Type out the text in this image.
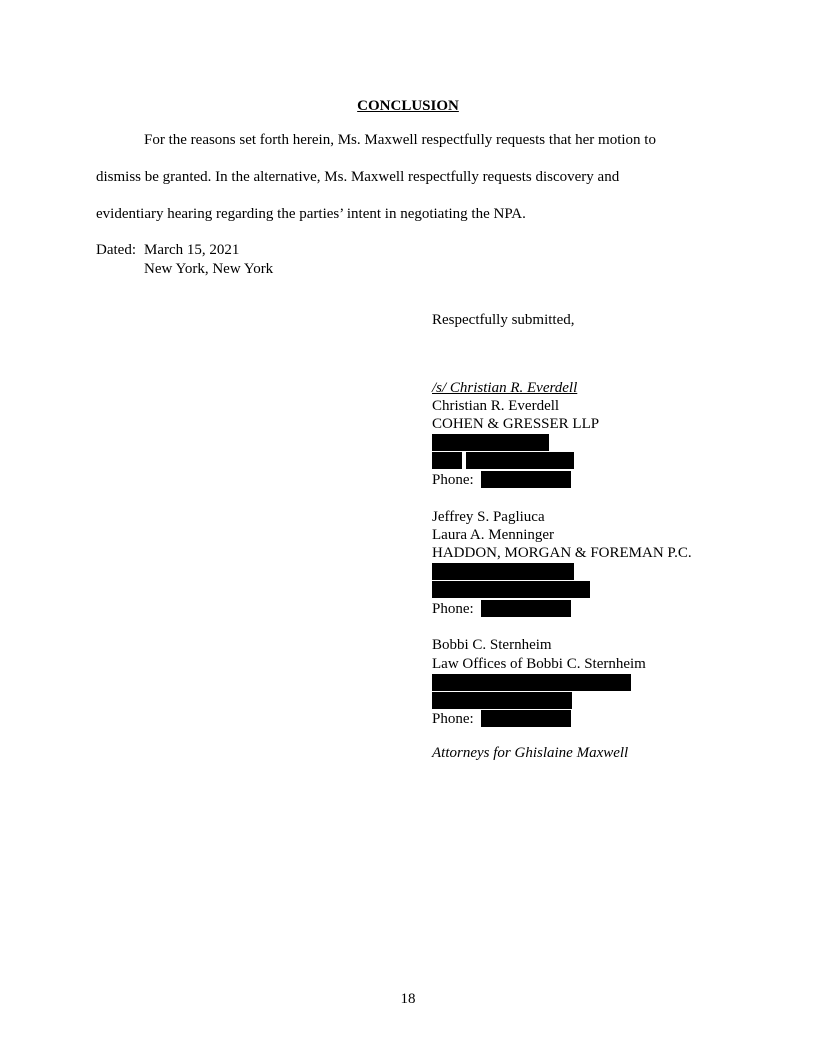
CONCLUSION
For the reasons set forth herein, Ms. Maxwell respectfully requests that her motion to
dismiss be granted. In the alternative, Ms. Maxwell respectfully requests discovery and
evidentiary hearing regarding the parties’ intent in negotiating the NPA.
Dated: March 15, 2021
New York, New York
Respectfully submitted,
/s/ Christian R. Everdell
Christian R. Everdell
COHEN & GRESSER LLP
Phone:
Jeffrey S. Pagliuca
Laura A. Menninger
HADDON, MORGAN & FOREMAN P.C.
Phone:
Bobbi C. Sternheim
Law Offices of Bobbi C. Sternheim
Phone:
Attorneys for Ghislaine Maxwell
18
